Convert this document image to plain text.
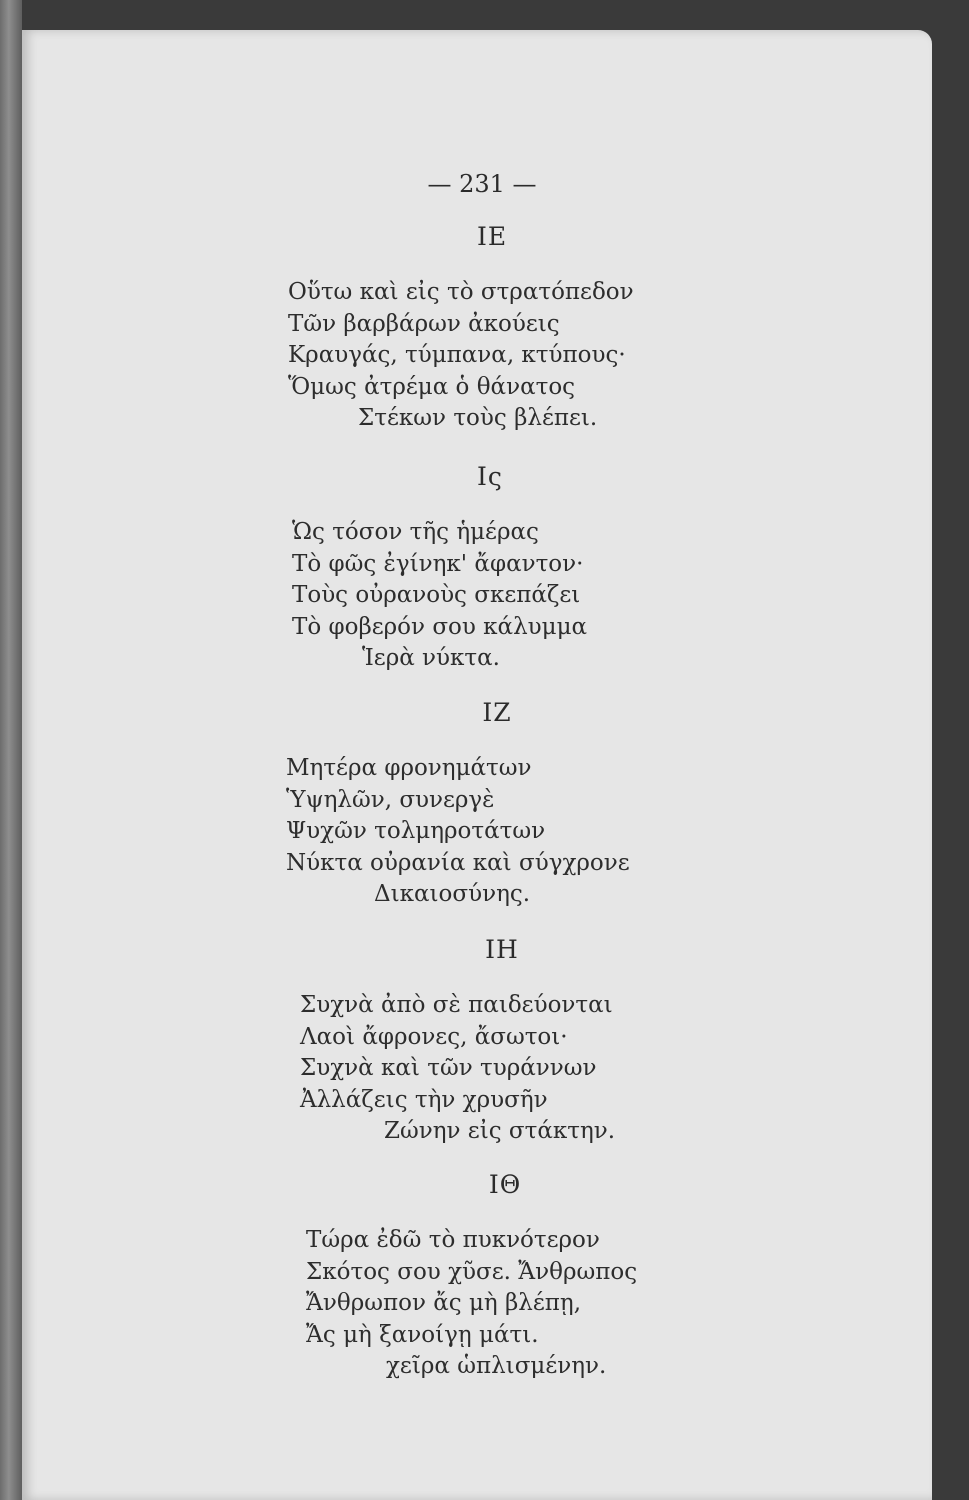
— 231 —
ΙΕ
Οὕτω καὶ εἰς τὸ στρατόπεδον
Τῶν βαρβάρων ἀκούεις
Κραυγάς, τύμπανα, κτύπους·
Ὅμως ἀτρέμα ὁ θάνατος
Στέκων τοὺς βλέπει.
Ις
Ὡς τόσον τῆς ἡμέρας
Τὸ φῶς ἐγίνηκ' ἄφαντον·
Τοὺς οὐρανοὺς σκεπάζει
Τὸ φοβερόν σου κάλυμμα
Ἱερὰ νύκτα.
ΙΖ
Μητέρα φρονημάτων
Ὑψηλῶν, συνεργὲ
Ψυχῶν τολμηροτάτων
Νύκτα οὐρανία καὶ σύγχρονε
Δικαιοσύνης.
ΙΗ
Συχνὰ ἀπὸ σὲ παιδεύονται
Λαοὶ ἄφρονες, ἄσωτοι·
Συχνὰ καὶ τῶν τυράννων
Ἀλλάζεις τὴν χρυσῆν
Ζώνην εἰς στάκτην.
ΙΘ
Τώρα ἐδῶ τὸ πυκνότερον
Σκότος σου χῦσε. Ἄνθρωπος
Ἄνθρωπον ἄς μὴ βλέπῃ,
Ἄς μὴ ξανοίγῃ μάτι.
χεῖρα ὡπλισμένην.
